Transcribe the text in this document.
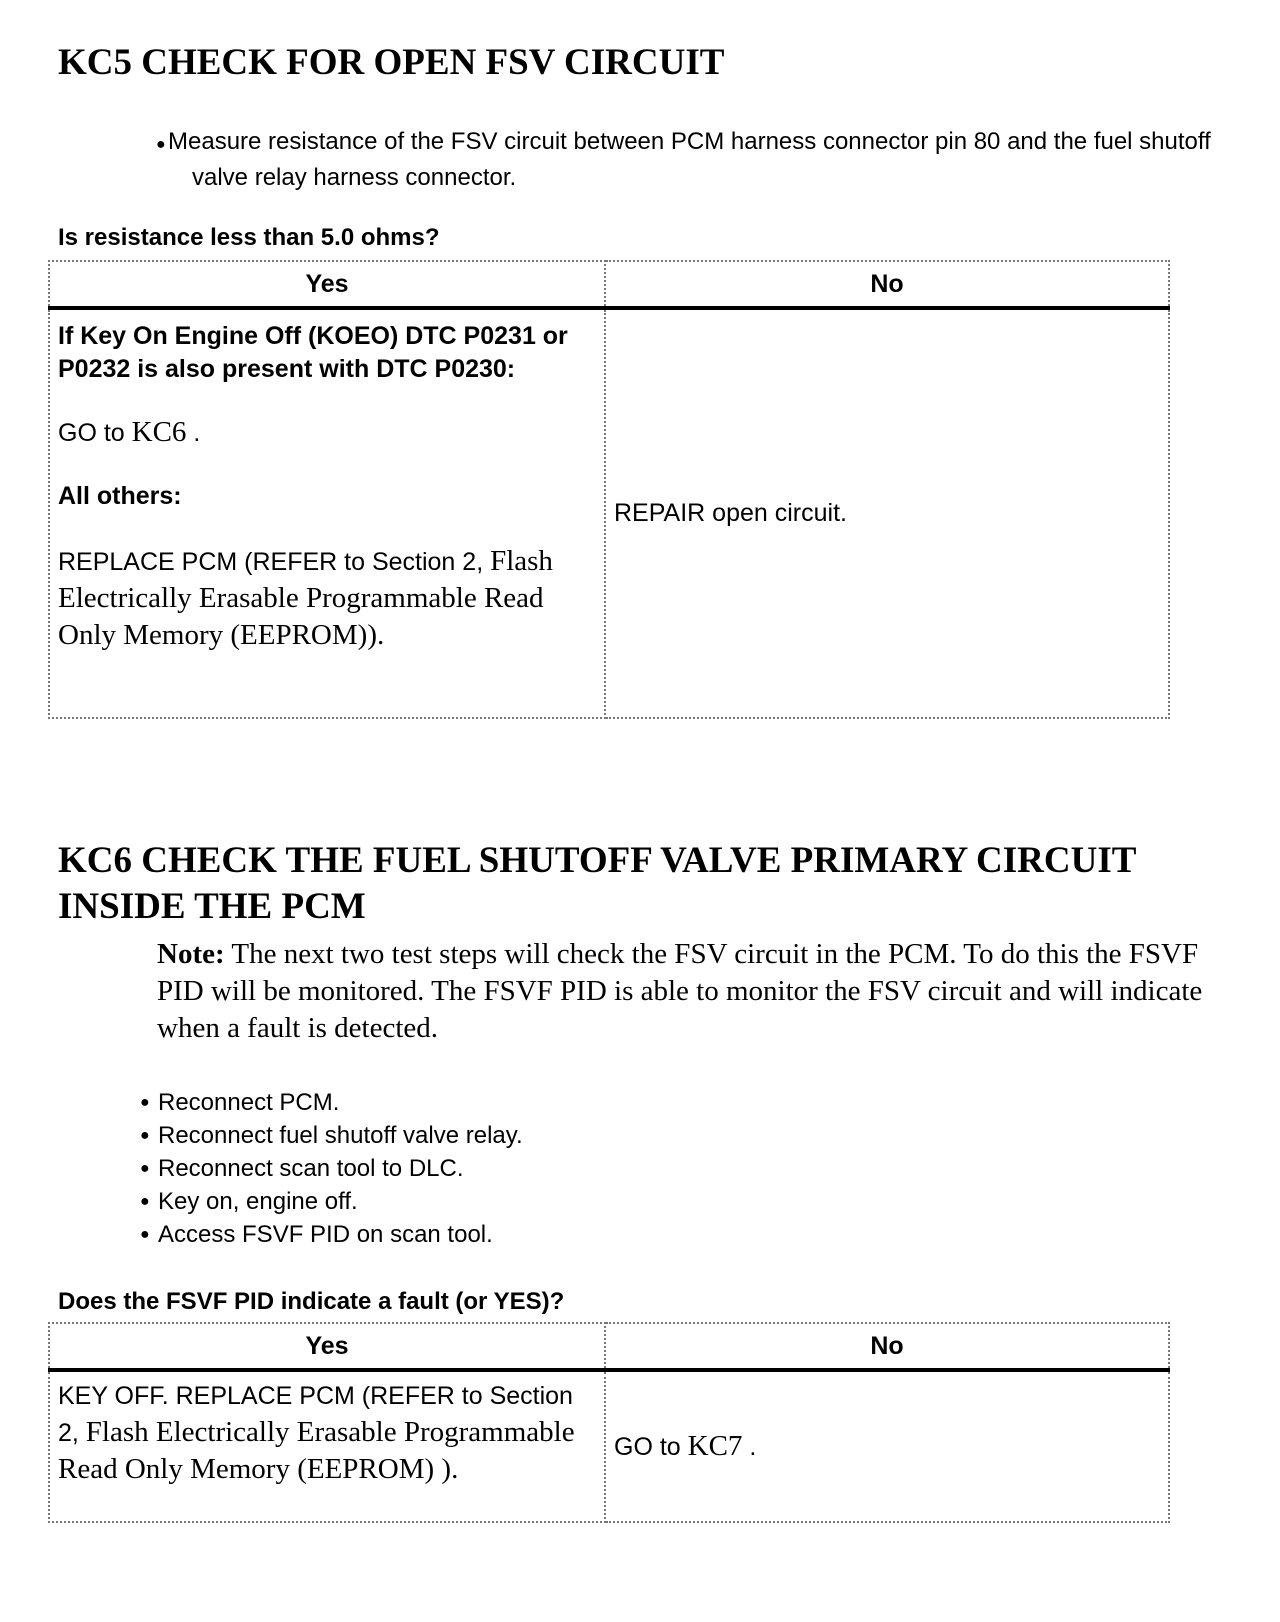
KC5 CHECK FOR OPEN FSV CIRCUIT
●Measure resistance of the FSV circuit between PCM harness connector pin 80 and the fuel shutoff valve relay harness connector.
Is resistance less than 5.0 ohms?
Yes	No

If Key On Engine Off (KOEO) DTC P0231 or P0232 is also present with DTC P0230:

GO to KC6 .

All others:

REPLACE PCM (REFER to Section 2, Flash Electrically Erasable Programmable Read Only Memory (EEPROM)).	REPAIR open circuit.
KC6 CHECK THE FUEL SHUTOFF VALVE PRIMARY CIRCUIT INSIDE THE PCM
Note: The next two test steps will check the FSV circuit in the PCM. To do this the FSVF PID will be monitored. The FSVF PID is able to monitor the FSV circuit and will indicate when a fault is detected.
● Reconnect PCM.
● Reconnect fuel shutoff valve relay.
● Reconnect scan tool to DLC.
● Key on, engine off.
● Access FSVF PID on scan tool.
Does the FSVF PID indicate a fault (or YES)?
Yes	No

KEY OFF. REPLACE PCM (REFER to Section 2, Flash Electrically Erasable Programmable Read Only Memory (EEPROM) ).	GO to KC7 .
